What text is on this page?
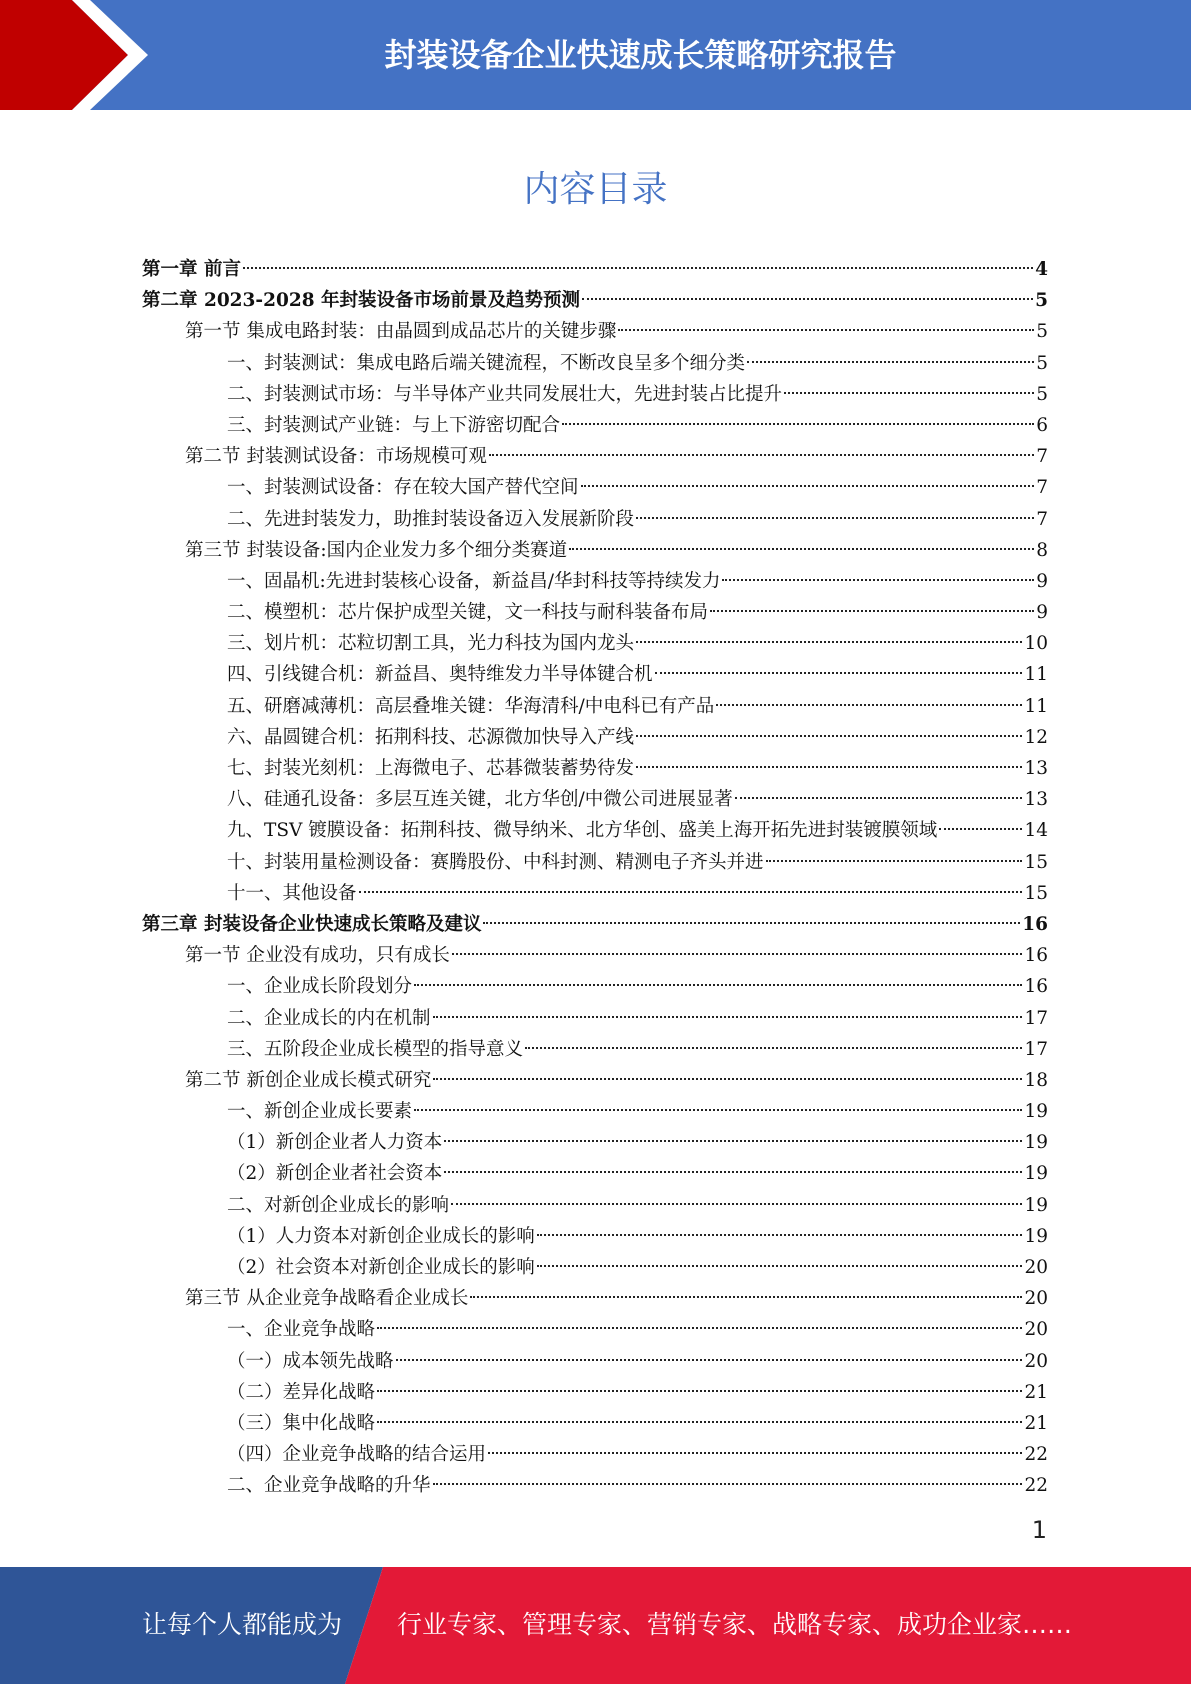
封装设备企业快速成长策略研究报告
内容目录
第一章 前言	4
第二章 2023-2028 年封装设备市场前景及趋势预测	5
第一节 集成电路封装：由晶圆到成品芯片的关键步骤	5
一、封装测试：集成电路后端关键流程，不断改良呈多个细分类	5
二、封装测试市场：与半导体产业共同发展壮大，先进封装占比提升	5
三、封装测试产业链：与上下游密切配合	6
第二节 封装测试设备：市场规模可观	7
一、封装测试设备：存在较大国产替代空间	7
二、先进封装发力，助推封装设备迈入发展新阶段	7
第三节 封装设备:国内企业发力多个细分类赛道	8
一、固晶机:先进封装核心设备，新益昌/华封科技等持续发力	9
二、模塑机：芯片保护成型关键，文一科技与耐科装备布局	9
三、划片机：芯粒切割工具，光力科技为国内龙头	10
四、引线键合机：新益昌、奥特维发力半导体键合机	11
五、研磨减薄机：高层叠堆关键：华海清科/中电科已有产品	11
六、晶圆键合机：拓荆科技、芯源微加快导入产线	12
七、封装光刻机：上海微电子、芯碁微装蓄势待发	13
八、硅通孔设备：多层互连关键，北方华创/中微公司进展显著	13
九、TSV 镀膜设备：拓荆科技、微导纳米、北方华创、盛美上海开拓先进封装镀膜领域	14
十、封装用量检测设备：赛腾股份、中科封测、精测电子齐头并进	15
十一、其他设备	15
第三章 封装设备企业快速成长策略及建议	16
第一节 企业没有成功，只有成长	16
一、企业成长阶段划分	16
二、企业成长的内在机制	17
三、五阶段企业成长模型的指导意义	17
第二节 新创企业成长模式研究	18
一、新创企业成长要素	19
（1）新创企业者人力资本	19
（2）新创企业者社会资本	19
二、对新创企业成长的影响	19
（1）人力资本对新创企业成长的影响	19
（2）社会资本对新创企业成长的影响	20
第三节 从企业竞争战略看企业成长	20
一、企业竞争战略	20
（一）成本领先战略	20
（二）差异化战略	21
（三）集中化战略	21
（四）企业竞争战略的结合运用	22
二、企业竞争战略的升华	22
1
让每个人都能成为 行业专家、管理专家、营销专家、战略专家、成功企业家……
